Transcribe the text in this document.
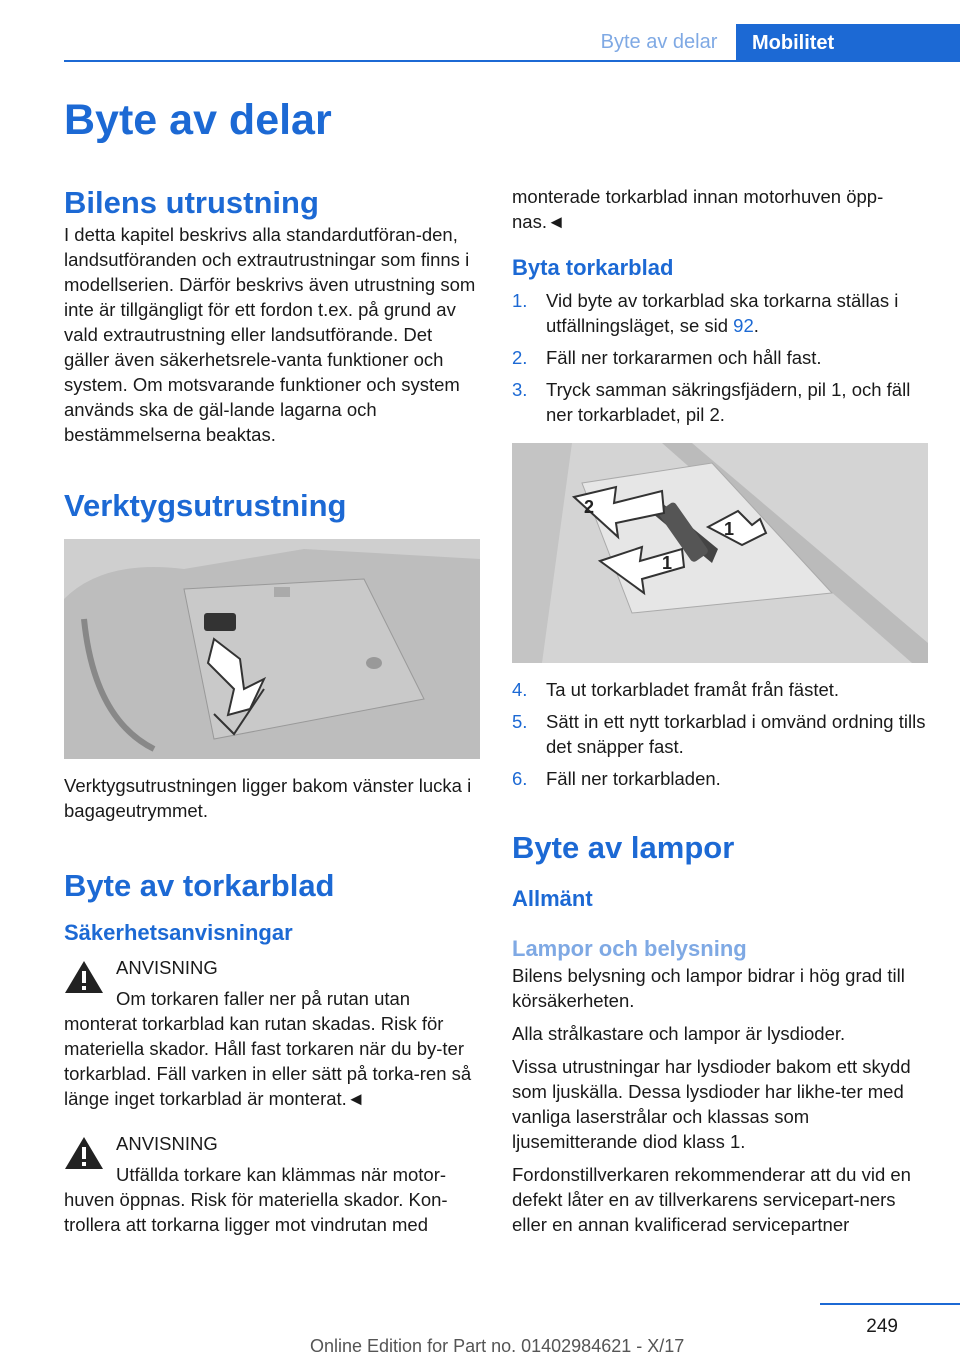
Byte av delar	Mobilitet
Byte av delar
Bilens utrustning

I detta kapitel beskrivs alla standardutföran-den, landsutföranden och extrautrustningar som finns i modellserien. Därför beskrivs även utrustning som inte är tillgängligt för ett fordon t.ex. på grund av vald extrautrustning eller landsutförande. Det gäller även säkerhetsrele-vanta funktioner och system. Om motsvarande funktioner och system används ska de gäl-lande lagarna och bestämmelserna beaktas.

Verktygsutrustning

Verktygsutrustningen ligger bakom vänster lucka i bagageutrymmet.

Byte av torkarblad
Säkerhetsanvisningar
ANVISNING

Om torkaren faller ner på rutan utan monterat torkarblad kan rutan skadas. Risk för materiella skador. Håll fast torkaren när du by-ter torkarblad. Fäll varken in eller sätt på torka-ren så länge inget torkarblad är monterat.◄

ANVISNING

Utfällda torkare kan klämmas när motor-huven öppnas. Risk för materiella skador. Kon-trollera att torkarna ligger mot vindrutan med

monterade torkarblad innan motorhuven öpp-nas.◄

Byta torkarblad
1.	Vid byte av torkarblad ska torkarna ställas i utfällningsläget, se sid 92.
2.	Fäll ner torkararmen och håll fast.
3.	Tryck samman säkringsfjädern, pil 1, och fäll ner torkarbladet, pil 2.
2
1
1
4.	Ta ut torkarbladet framåt från fästet.
5.	Sätt in ett nytt torkarblad i omvänd ordning tills det snäpper fast.
6.	Fäll ner torkarbladen.
Byte av lampor
Allmänt
Lampor och belysning

Bilens belysning och lampor bidrar i hög grad till körsäkerheten.

Alla strålkastare och lampor är lysdioder.

Vissa utrustningar har lysdioder bakom ett skydd som ljuskälla. Dessa lysdioder har likhe-ter med vanliga laserstrålar och klassas som ljusemitterande diod klass 1.

Fordonstillverkaren rekommenderar att du vid en defekt låter en av tillverkarens servicepart-ners eller en annan kvalificerad servicepartner

249
Online Edition for Part no. 01402984621 - X/17
